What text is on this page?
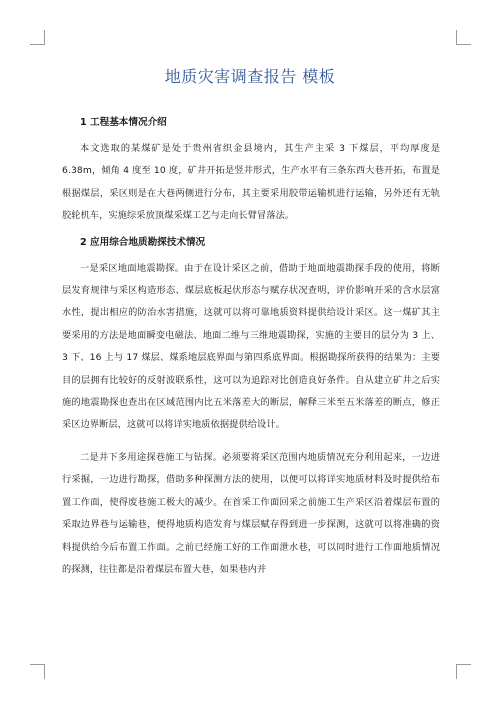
地质灾害调查报告 模板

1 工程基本情况介绍

本文选取的某煤矿是处于贵州省织金县境内，其生产主采 3 下煤层，平均厚度是 6.38m，倾角 4 度至 10 度，矿井开拓是竖井形式，生产水平有三条东西大巷开拓，布置是根据煤层，采区则是在大巷两侧进行分布，其主要采用胶带运输机进行运输，另外还有无轨胶轮机车，实施综采放顶煤采煤工艺与走向长臂冒落法。

2 应用综合地质勘探技术情况

一是采区地面地震勘探。由于在设计采区之前，借助于地面地震勘探手段的使用，将断层发育规律与采区构造形态、煤层底板起伏形态与赋存状况查明，评价影响开采的含水层富水性，提出相应的防治水害措施，这就可以将可靠地质资料提供给设计采区。这一煤矿其主要采用的方法是地面瞬变电磁法、地面二维与三维地震勘探，实施的主要目的层分为 3 上、3 下、16 上与 17 煤层、煤系地层底界面与第四系底界面。根据勘探所获得的结果为：主要目的层拥有比较好的反射波联系性，这可以为追踪对比创造良好条件。自从建立矿井之后实施的地震勘探也查出在区域范围内比五米落差大的断层，解释三米至五米落差的断点，修正采区边界断层，这就可以将详实地质依据提供给设计。

二是井下多用途探巷施工与钻探。必须要将采区范围内地质情况充分利用起来，一边进行采掘，一边进行勘探，借助多种探测方法的使用，以便可以将详实地质材料及时提供给布置工作面，使得废巷施工极大的减少。在首采工作面回采之前施工生产采区沿着煤层布置的采取边界巷与运输巷，便得地质构造发育与煤层赋存得到进一步探测，这就可以将准确的资料提供给今后布置工作面。之前已经施工好的工作面泄水巷，可以同时进行工作面地质情况的探测，往往都是沿着煤层布置大巷，如果巷内并
